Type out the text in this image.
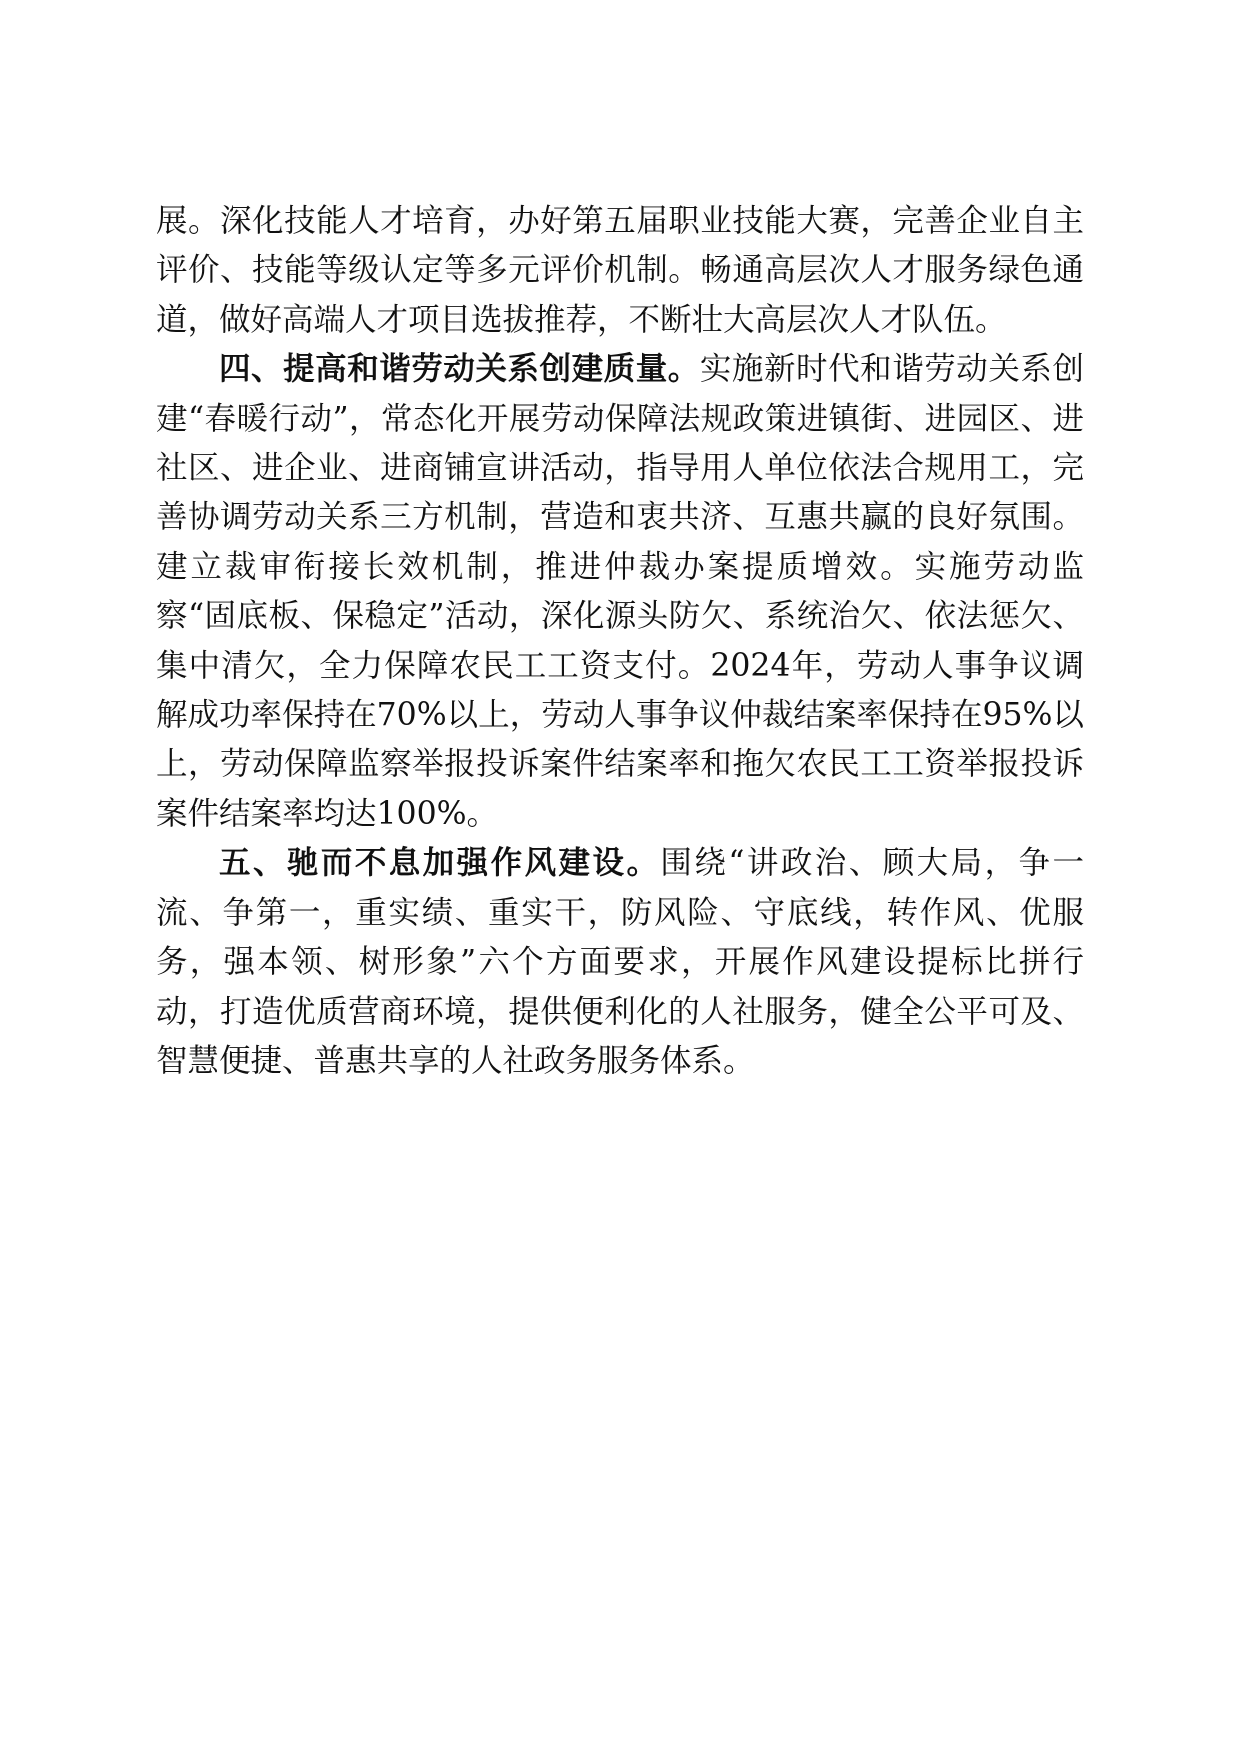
展。深化技能人才培育，办好第五届职业技能大赛，完善企业自主评价、技能等级认定等多元评价机制。畅通高层次人才服务绿色通道，做好高端人才项目选拔推荐，不断壮大高层次人才队伍。

四、提高和谐劳动关系创建质量。实施新时代和谐劳动关系创建“春暖行动”，常态化开展劳动保障法规政策进镇街、进园区、进社区、进企业、进商铺宣讲活动，指导用人单位依法合规用工，完善协调劳动关系三方机制，营造和衷共济、互惠共赢的良好氛围。建立裁审衔接长效机制，推进仲裁办案提质增效。实施劳动监察“固底板、保稳定”活动，深化源头防欠、系统治欠、依法惩欠、集中清欠，全力保障农民工工资支付。2024年，劳动人事争议调解成功率保持在70%以上，劳动人事争议仲裁结案率保持在95%以上，劳动保障监察举报投诉案件结案率和拖欠农民工工资举报投诉案件结案率均达100%。

五、驰而不息加强作风建设。围绕“讲政治、顾大局，争一流、争第一，重实绩、重实干，防风险、守底线，转作风、优服务，强本领、树形象”六个方面要求，开展作风建设提标比拼行动，打造优质营商环境，提供便利化的人社服务，健全公平可及、智慧便捷、普惠共享的人社政务服务体系。
